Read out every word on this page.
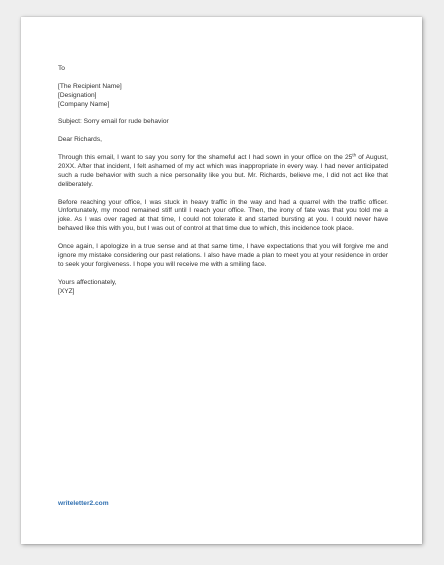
To

[The Recipient Name]
[Designation]
[Company Name]

Subject: Sorry email for rude behavior

Dear Richards,

Through this email, I want to say you sorry for the shameful act I had sown in your office on the 25th of August, 20XX. After that incident, I felt ashamed of my act which was inappropriate in every way. I had never anticipated such a rude behavior with such a nice personality like you but. Mr. Richards, believe me, I did not act like that deliberately.

Before reaching your office, I was stuck in heavy traffic in the way and had a quarrel with the traffic officer. Unfortunately, my mood remained stiff until I reach your office. Then, the irony of fate was that you told me a joke. As I was over raged at that time, I could not tolerate it and started bursting at you. I could never have behaved like this with you, but I was out of control at that time due to which, this incidence took place.

Once again, I apologize in a true sense and at that same time, I have expectations that you will forgive me and ignore my mistake considering our past relations. I also have made a plan to meet you at your residence in order to seek your forgiveness. I hope you will receive me with a smiling face.

Yours affectionately,
[XYZ]

writeletter2.com
